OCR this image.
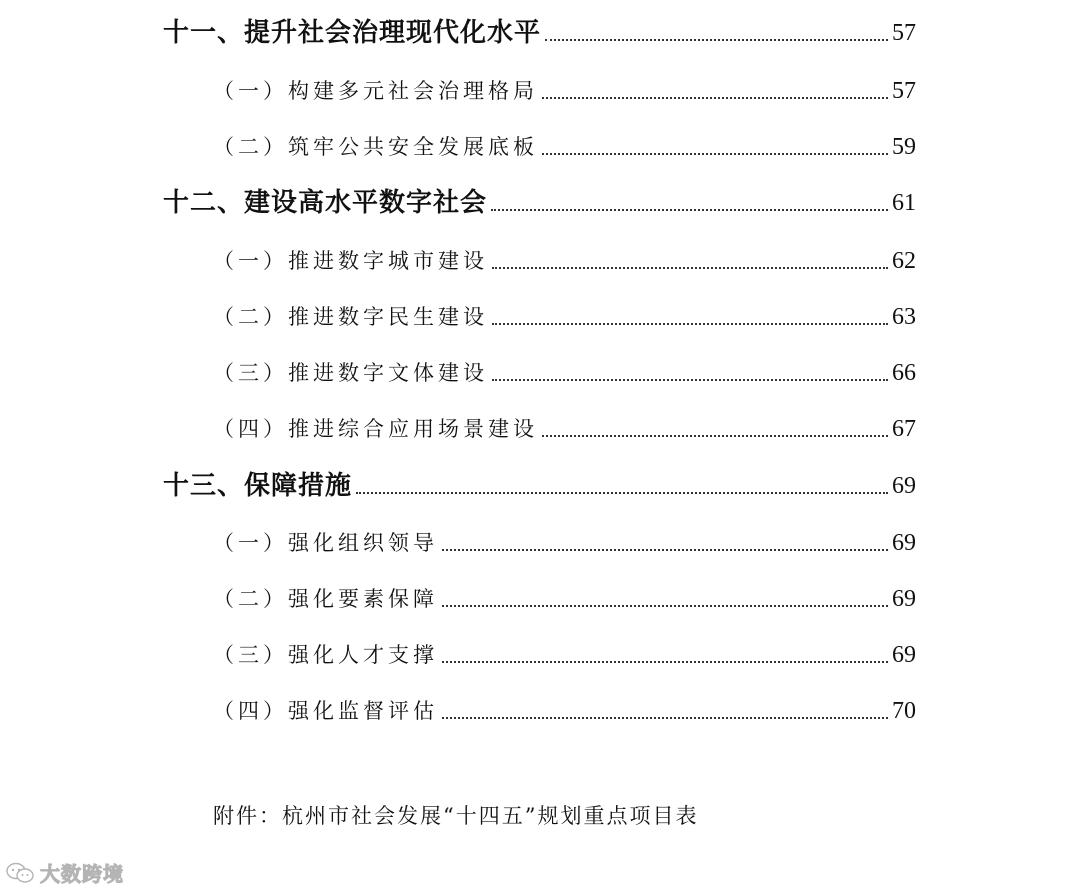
十一、提升社会治理现代化水平	57
（一）构建多元社会治理格局	57
（二）筑牢公共安全发展底板	59
十二、建设高水平数字社会	61
（一）推进数字城市建设	62
（二）推进数字民生建设	63
（三）推进数字文体建设	66
（四）推进综合应用场景建设	67
十三、保障措施	69
（一）强化组织领导	69
（二）强化要素保障	69
（三）强化人才支撑	69
（四）强化监督评估	70
附件：杭州市社会发展“十四五”规划重点项目表
大数跨境
